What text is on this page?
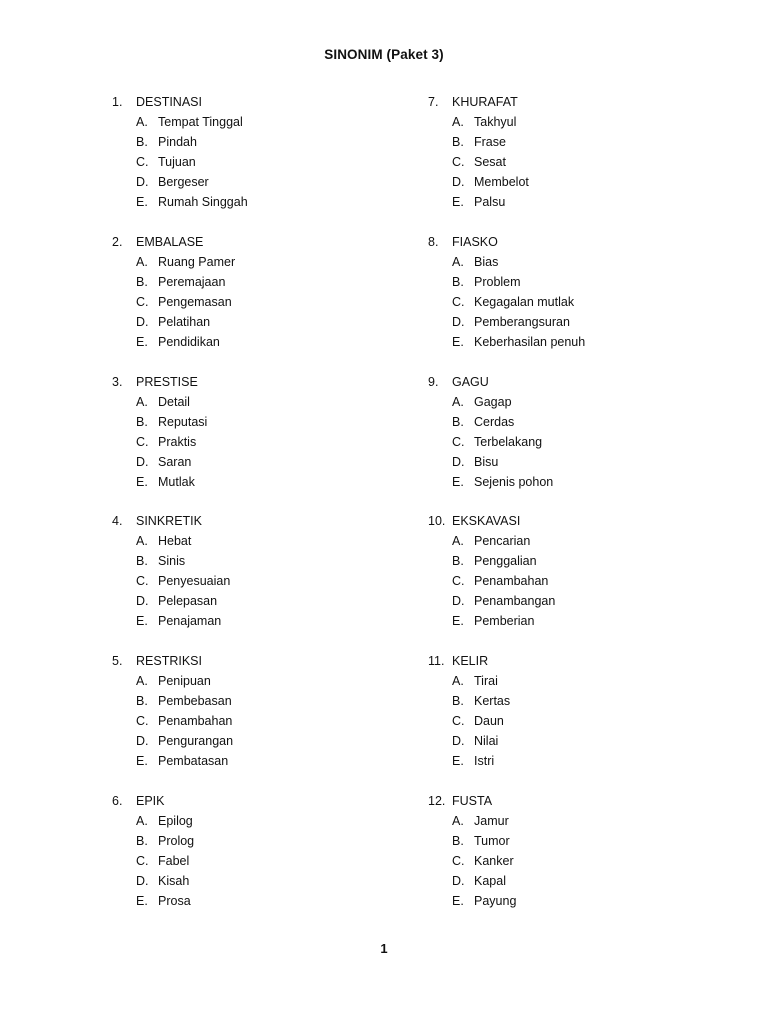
SINONIM (Paket 3)
1. DESTINASI
A. Tempat Tinggal
B. Pindah
C. Tujuan
D. Bergeser
E. Rumah Singgah
2. EMBALASE
A. Ruang Pamer
B. Peremajaan
C. Pengemasan
D. Pelatihan
E. Pendidikan
3. PRESTISE
A. Detail
B. Reputasi
C. Praktis
D. Saran
E. Mutlak
4. SINKRETIK
A. Hebat
B. Sinis
C. Penyesuaian
D. Pelepasan
E. Penajaman
5. RESTRIKSI
A. Penipuan
B. Pembebasan
C. Penambahan
D. Pengurangan
E. Pembatasan
6. EPIK
A. Epilog
B. Prolog
C. Fabel
D. Kisah
E. Prosa
7. KHURAFAT
A. Takhyul
B. Frase
C. Sesat
D. Membelot
E. Palsu
8. FIASKO
A. Bias
B. Problem
C. Kegagalan mutlak
D. Pemberangsuran
E. Keberhasilan penuh
9. GAGU
A. Gagap
B. Cerdas
C. Terbelakang
D. Bisu
E. Sejenis pohon
10. EKSKAVASI
A. Pencarian
B. Penggalian
C. Penambahan
D. Penambangan
E. Pemberian
11. KELIR
A. Tirai
B. Kertas
C. Daun
D. Nilai
E. Istri
12. FUSTA
A. Jamur
B. Tumor
C. Kanker
D. Kapal
E. Payung
1
